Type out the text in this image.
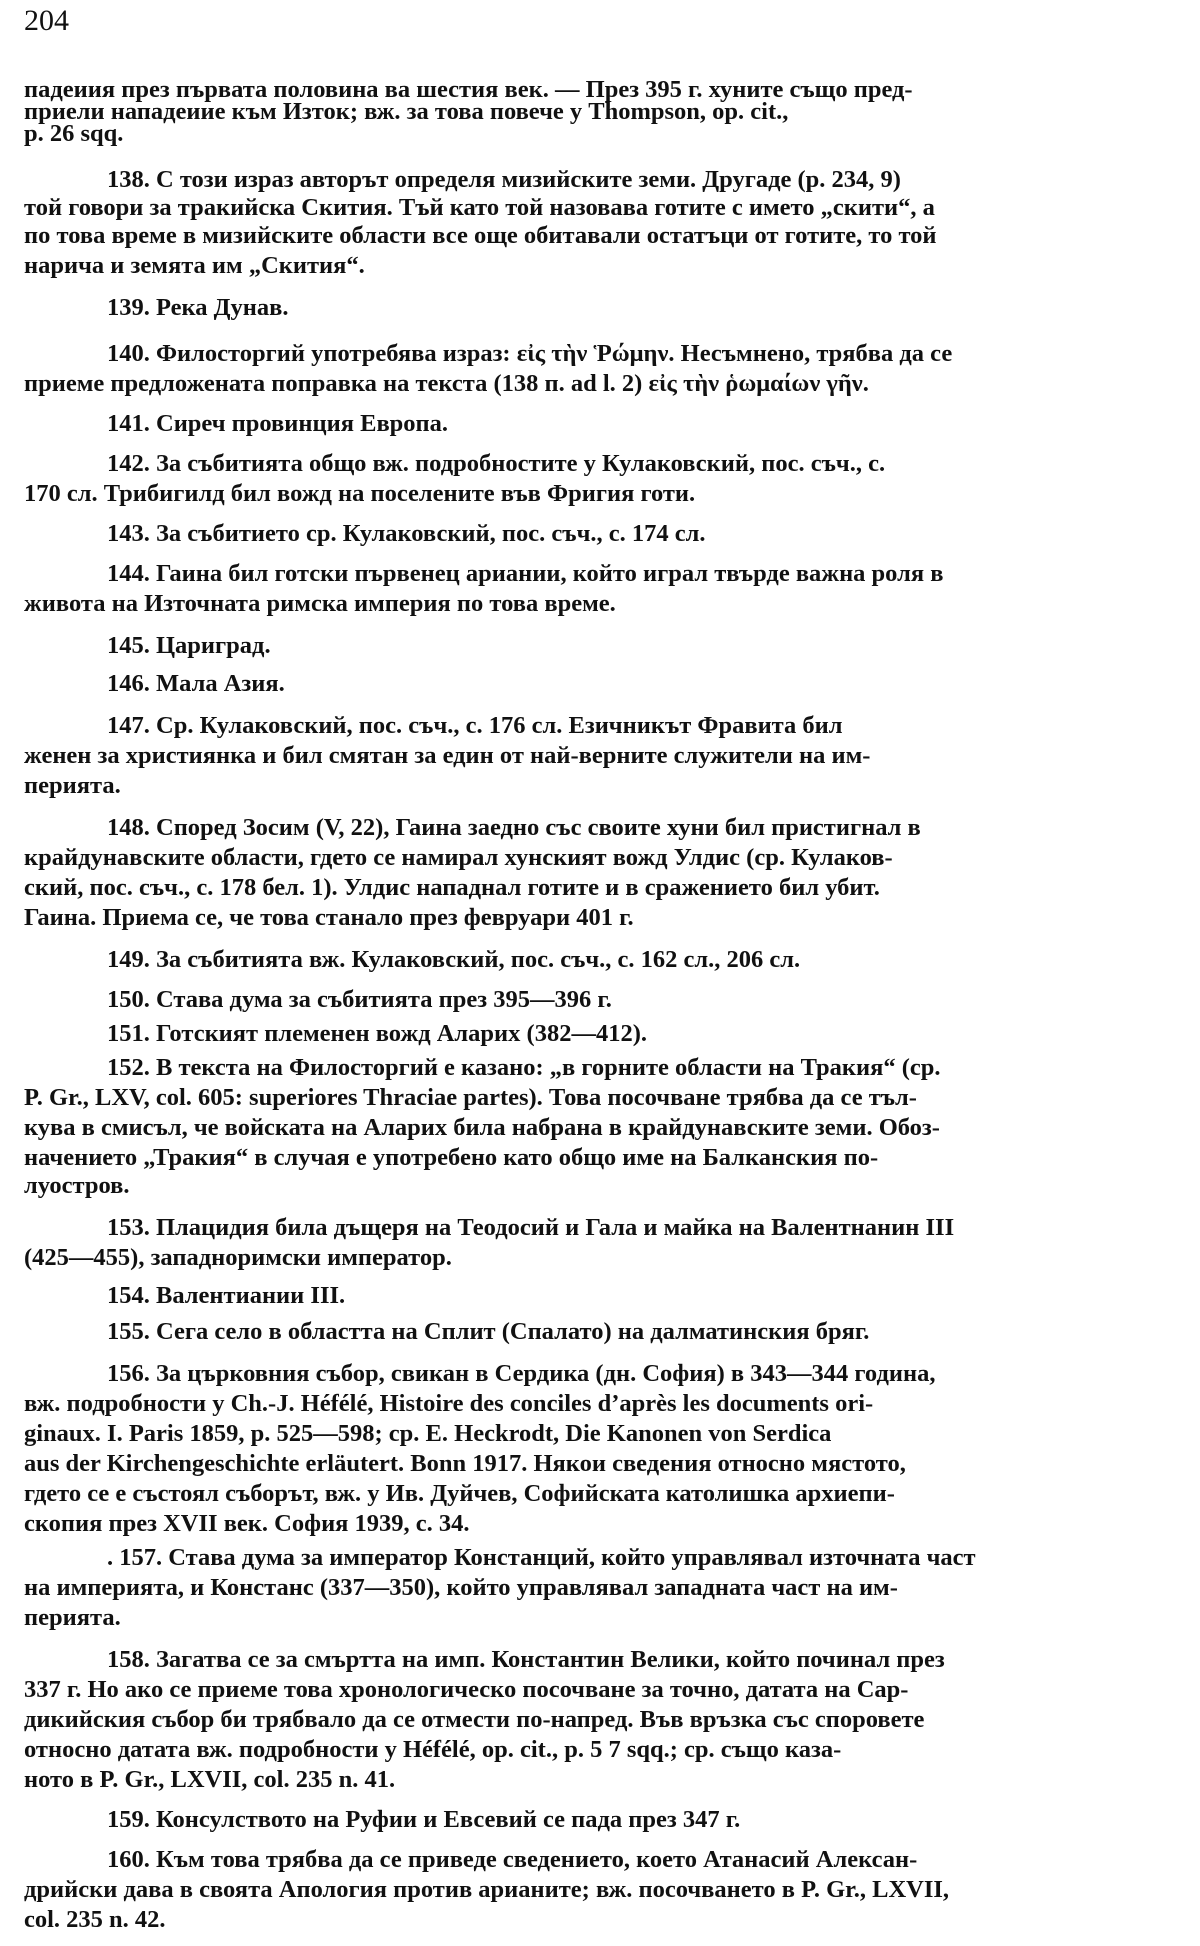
204
падеиия през първата половина ва шестия век. — През 395 г. хуните също пред-
приели нападеиие към Изток; вж. за това повече у Thompson, op. cit.,
p. 26 sqq.
138. С този израз авторът определя мизийските земи. Другаде (p. 234, 9)
той говори за тракийска Скития. Тъй като той назовава готите с името „скити“, а
по това време в мизийските области все още обитавали остатъци от готите, то той
нарича и земята им „Скития“.
139. Река Дунав.
140. Филосторгий употребява израз: εἰς τὴν Ῥώμην. Несъмнено, трябва да се
приеме предложената поправка на текста (138 п. ad l. 2) εἰς τὴν ῥωμαίων γῆν.
141. Сиреч провинция Европа.
142. За събитията общо вж. подробностите у Кулаковский, пос. съч., с.
170 сл. Трибигилд бил вожд на поселените във Фригия готи.
143. За събитието ср. Кулаковский, пос. съч., с. 174 сл.
144. Гаина бил готски първенец ариании, който играл твърде важна роля в
живота на Източната римска империя по това време.
145. Цариград.
146. Мала Азия.
147. Ср. Кулаковский, пос. съч., с. 176 сл. Езичникът Фравита бил
женен за християнка и бил смятан за един от най-верните служители на им-
перията.
148. Според Зосим (V, 22), Гаина заедно със своите хуни бил пристигнал в
крайдунавските области, гдето се намирал хунският вожд Улдис (ср. Кулаков-
ский, пос. съч., с. 178 бел. 1). Улдис нападнал готите и в сражението бил убит.
Гаина. Приема се, че това станало през февруари 401 г.
149. За събитията вж. Кулаковский, пос. съч., с. 162 сл., 206 сл.
150. Става дума за събитията през 395—396 г.
151. Готският племенен вожд Аларих (382—412).
152. В текста на Филосторгий е казано: „в горните области на Тракия“ (ср.
P. Gr., LXV, col. 605: superiores Thraciae partes). Това посочване трябва да се тъл-
кува в смисъл, че войската на Аларих била набрана в крайдунавските земи. Обоз-
начението „Тракия“ в случая е употребено като общо име на Балканския по-
луостров.
153. Плацидия била дъщеря на Теодосий и Гала и майка на Валентнанин III
(425—455), западноримски император.
154. Валентиании III.
155. Сега село в областта на Сплит (Спалато) на далматинския бряг.
156. За църковния събор, свикан в Сердика (дн. София) в 343—344 година,
вж. подробности у Ch.-J. Héfélé, Histoire des conciles d’après les documents ori-
ginaux. I. Paris 1859, p. 525—598; ср. E. Heckrodt, Die Kanonen von Serdica
aus der Kirchengeschichte erläutert. Bonn 1917. Някои сведения относно мястото,
гдето се е състоял съборът, вж. у Ив. Дуйчев, Софийската католишка архиепи-
скопия през XVII век. София 1939, с. 34.
. 157. Става дума за император Констанций, който управлявал източната част
на империята, и Констанс (337—350), който управлявал западната част на им-
перията.
158. Загатва се за смъртта на имп. Константин Велики, който починал през
337 г. Но ако се приеме това хронологическо посочване за точно, датата на Сар-
дикийския събор би трябвало да се отмести по-напред. Във връзка със споровете
относно датата вж. подробности у Héfélé, op. cit., p. 5 7 sqq.; ср. също каза-
ното в P. Gr., LXVII, col. 235 n. 41.
159. Консулството на Руфии и Евсевий се пада през 347 г.
160. Към това трябва да се приведе сведението, което Атанасий Алексан-
дрийски дава в своята Апология против арианите; вж. посочването в P. Gr., LXVII,
col. 235 n. 42.
